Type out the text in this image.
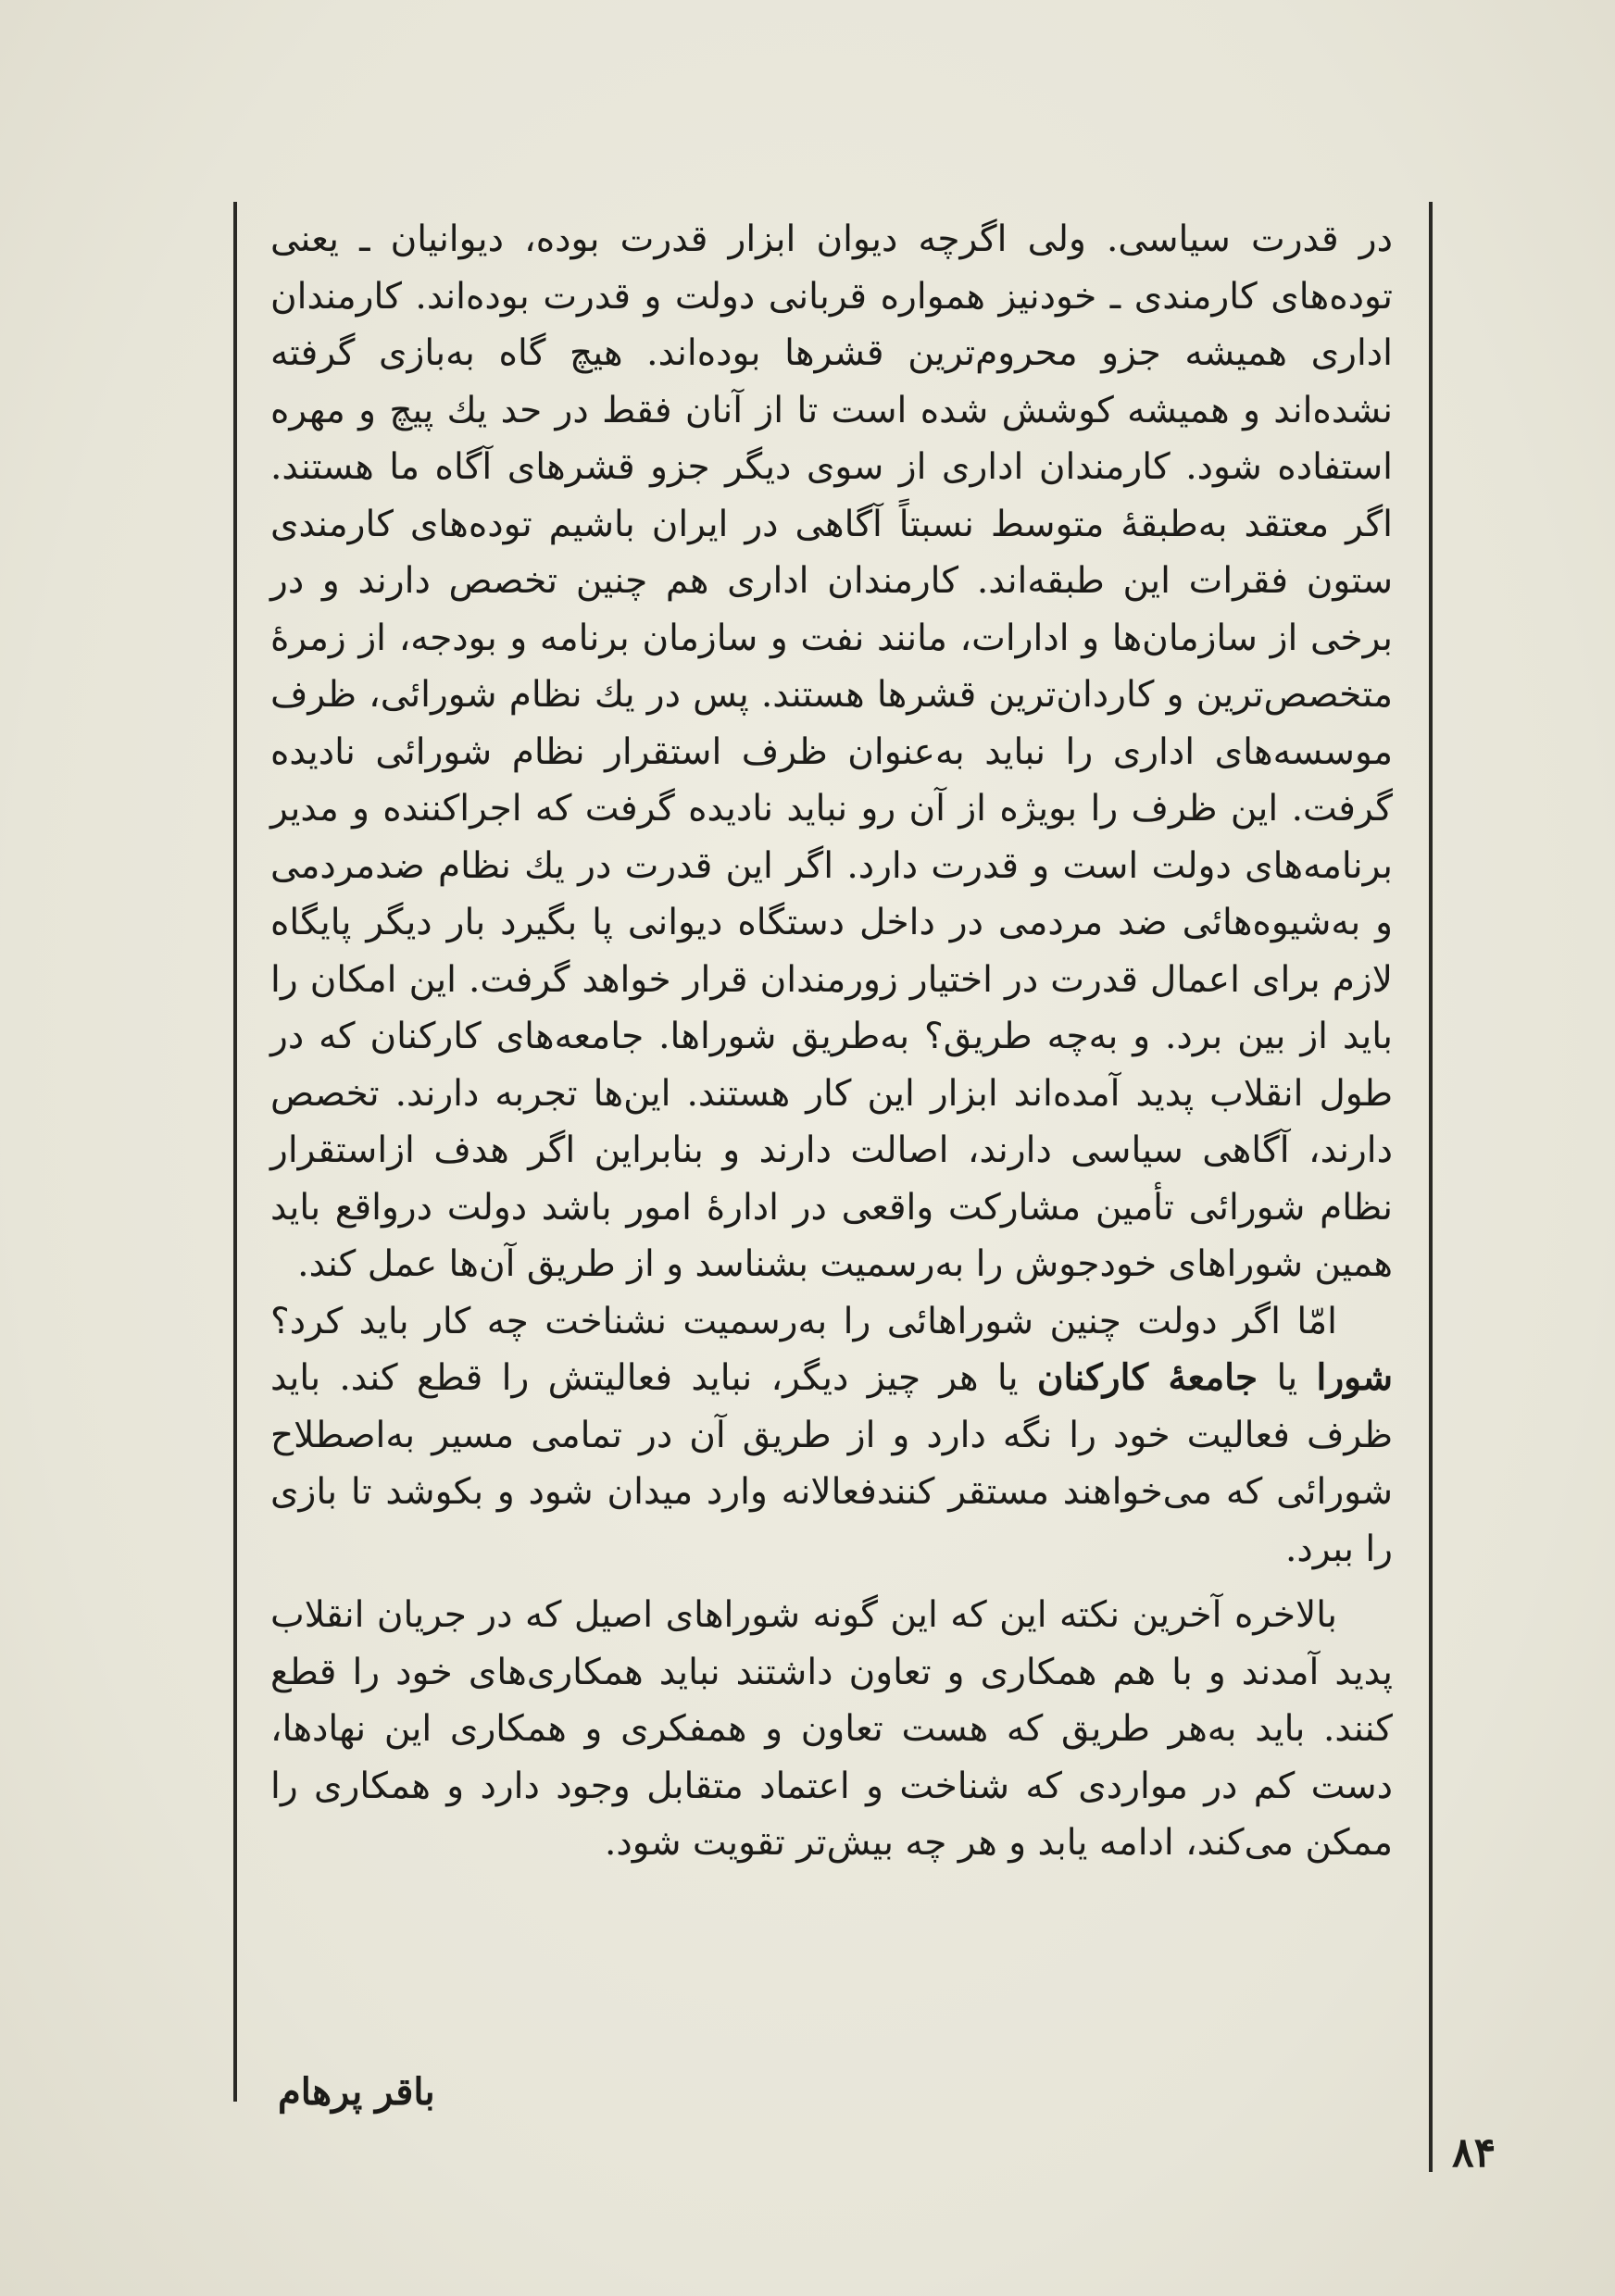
در قدرت سیاسی. ولی اگرچه دیوان ابزار قدرت بوده، دیوانیان ـ یعنی توده‌های کارمندی ـ خودنیز همواره قربانی دولت و قدرت بوده‌اند. کارمندان اداری همیشه جزو محروم‌ترین قشرها بوده‌اند. هیچ گاه به‌بازی گرفته نشده‌اند و همیشه کوشش شده است تا از آنان فقط در حد یك پیچ و مهره استفاده شود. کارمندان اداری از سوی دیگر جزو قشرهای آگاه ما هستند. اگر معتقد به‌طبقهٔ متوسط نسبتاً آگاهی در ایران باشیم توده‌های کارمندی ستون فقرات این طبقه‌اند. کارمندان اداری هم چنین تخصص دارند و در برخی از سازمان‌ها و ادارات، مانند نفت و سازمان برنامه و بودجه، از زمرهٔ متخصص‌ترین و کاردان‌ترین قشرها هستند. پس در یك نظام شورائی، ظرف موسسه‌های اداری را نباید به‌عنوان ظرف استقرار نظام شورائی نادیده گرفت. این ظرف را بویژه از آن رو نباید نادیده گرفت که اجراکننده و مدیر برنامه‌های دولت است و قدرت دارد. اگر این قدرت در یك نظام ضدمردمی و به‌شیوه‌هائی ضد مردمی در داخل دستگاه دیوانی پا بگیرد بار دیگر پایگاه لازم برای اعمال قدرت در اختیار زورمندان قرار خواهد گرفت. این امکان را باید از بین برد. و به‌چه طریق؟ به‌طریق شوراها. جامعه‌های کارکنان که در طول انقلاب پدید آمده‌اند ابزار این کار هستند. این‌ها تجربه دارند. تخصص دارند، آگاهی سیاسی دارند، اصالت دارند و بنابراین اگر هدف ازاستقرار نظام شورائی تأمین مشارکت واقعی در ادارهٔ امور باشد دولت درواقع باید همین شوراهای خودجوش را به‌رسمیت بشناسد و از طریق آن‌ها عمل کند.

امّا اگر دولت چنین شوراهائی را به‌رسمیت نشناخت چه کار باید کرد؟ شورا یا جامعهٔ کارکنان یا هر چیز دیگر، نباید فعالیتش را قطع کند. باید ظرف فعالیت خود را نگه دارد و از طریق آن در تمامی مسیر به‌اصطلاح شورائی که می‌خواهند مستقر کنندفعالانه وارد میدان شود و بکوشد تا بازی را ببرد.

بالاخره آخرین نکته این که این گونه شوراهای اصیل که در جریان انقلاب پدید آمدند و با هم همکاری و تعاون داشتند نباید همکاری‌های خود را قطع کنند. باید به‌هر طریق که هست تعاون و همفکری و همکاری این نهادها، دست کم در مواردی که شناخت و اعتماد متقابل وجود دارد و همکاری را ممکن می‌کند، ادامه یابد و هر چه بیش‌تر تقویت شود.

باقر پرهام
۸۴
